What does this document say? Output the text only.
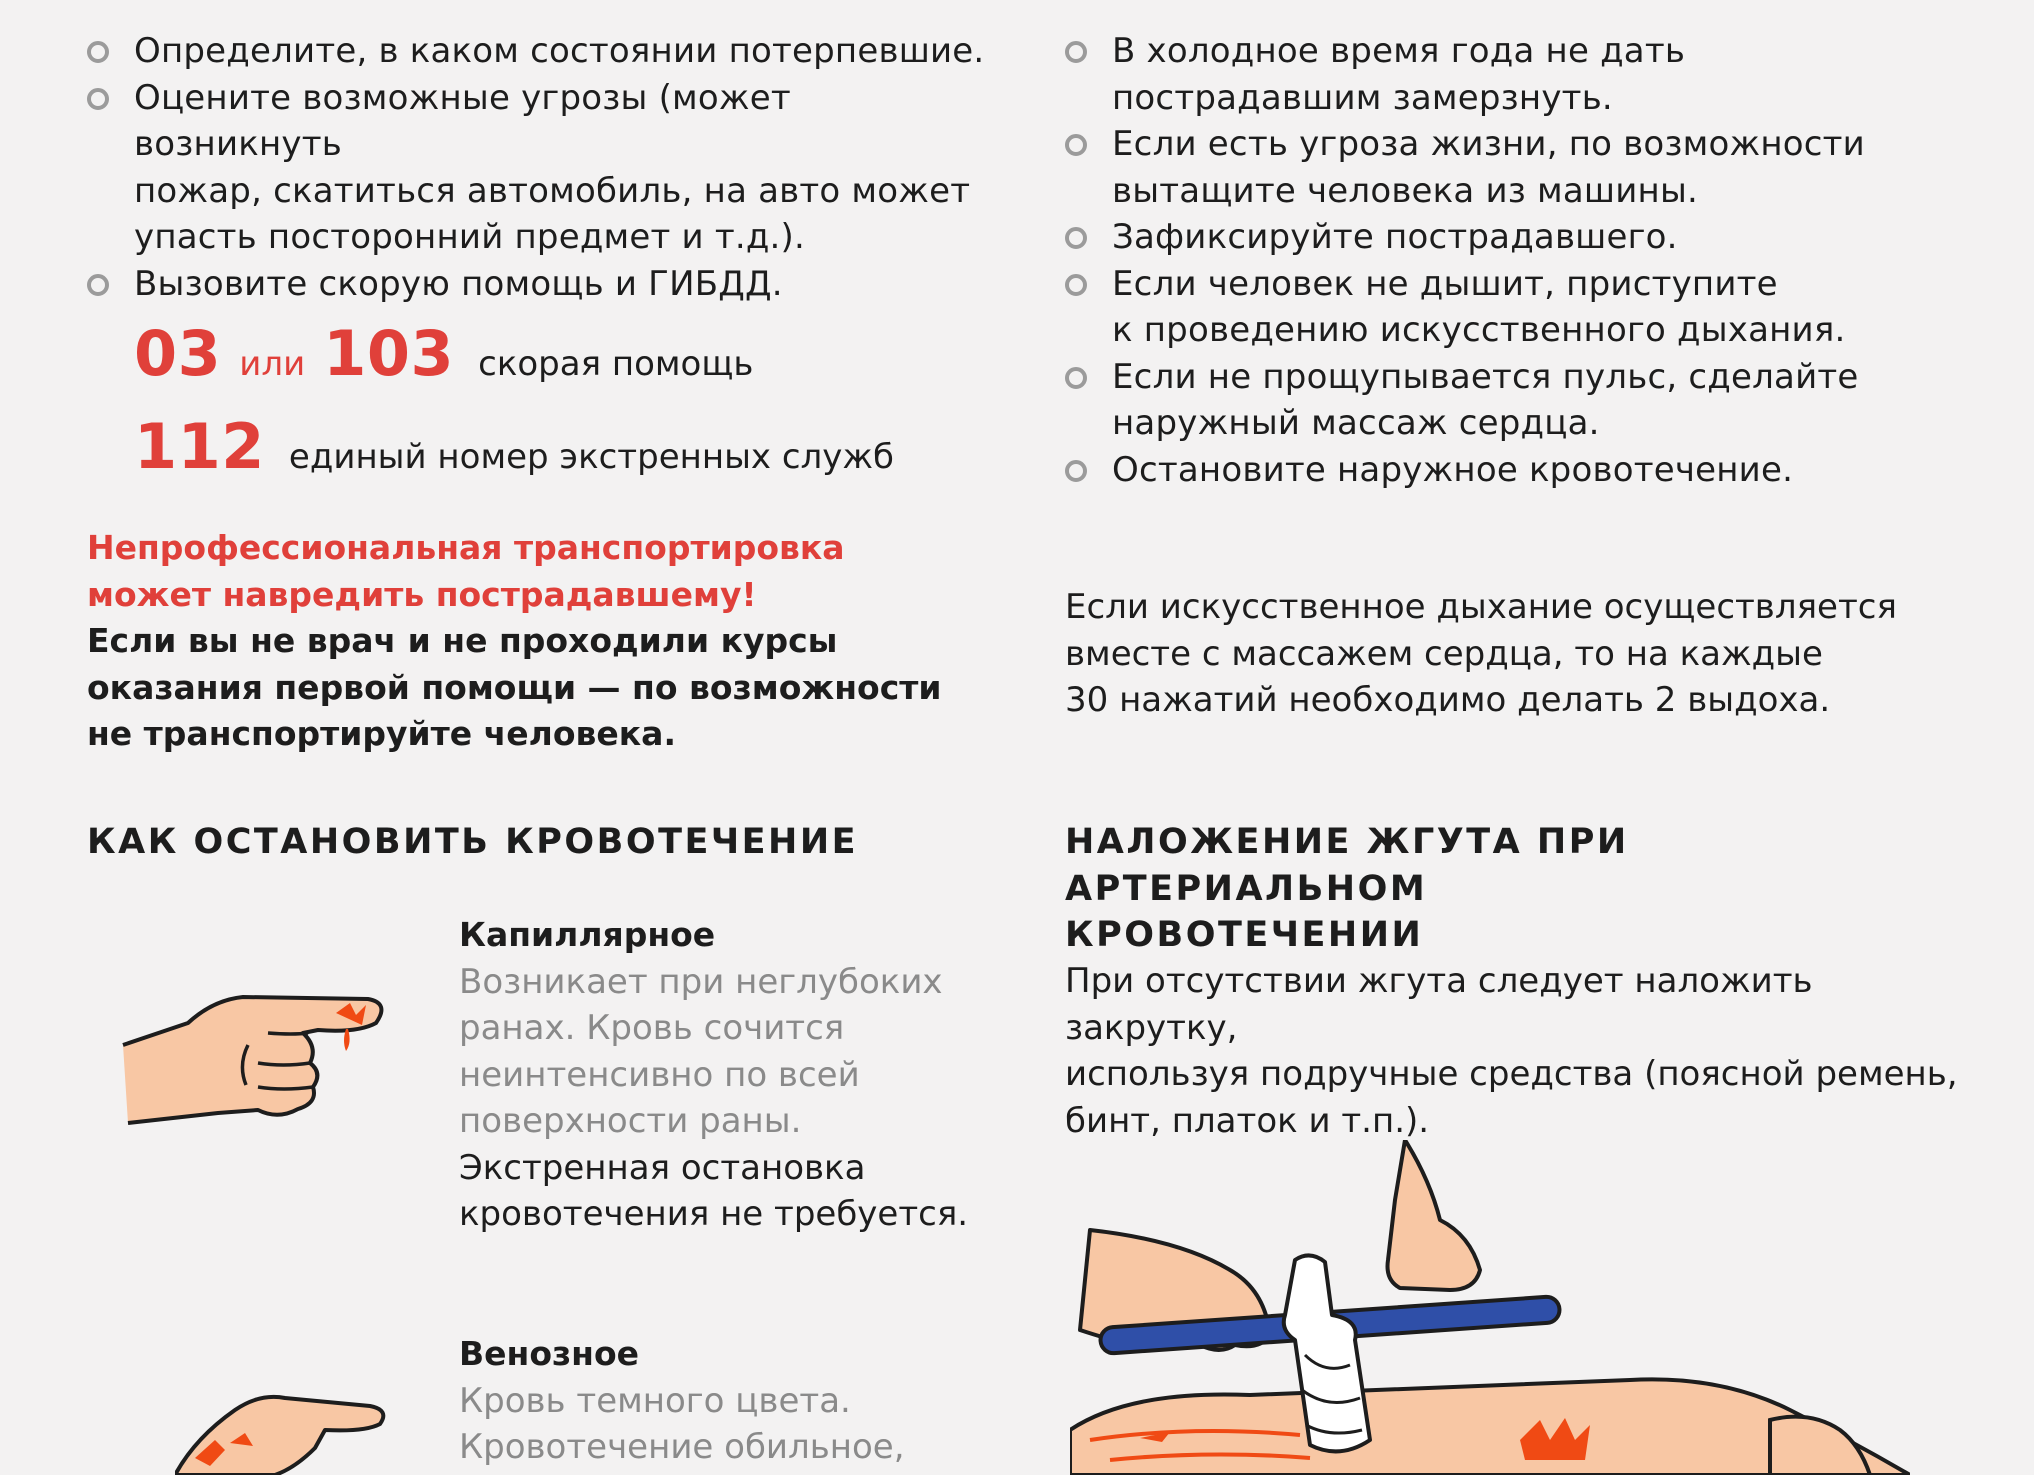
Определите, в каком состоянии потерпевшие.
Оцените возможные угрозы (может возникнуть
пожар, скатиться автомобиль, на авто может
упасть посторонний предмет и т.д.).
Вызовите скорую помощь и ГИБДД.
03 или 103 скорая помощь
112 единый номер экстренных служб
Непрофессиональная транспортировка
может навредить пострадавшему!
Если вы не врач и не проходили курсы
оказания первой помощи — по возможности
не транспортируйте человека.
В холодное время года не дать
пострадавшим замерзнуть.
Если есть угроза жизни, по возможности
вытащите человека из машины.
Зафиксируйте пострадавшего.
Если человек не дышит, приступите
к проведению искусственного дыхания.
Если не прощупывается пульс, сделайте
наружный массаж сердца.
Остановите наружное кровотечение.
Если искусственное дыхание осуществляется
вместе с массажем сердца, то на каждые
30 нажатий необходимо делать 2 выдоха.
КАК ОСТАНОВИТЬ КРОВОТЕЧЕНИЕ	НАЛОЖЕНИЕ ЖГУТА ПРИ АРТЕРИАЛЬНОМ
КРОВОТЕЧЕНИИ
Капиллярное
Возникает при неглубоких
ранах. Кровь сочится
неинтенсивно по всей
поверхности раны.
Экстренная остановка
кровотечения не требуется.
Венозное
Кровь темного цвета.
Кровотечение обильное,
При отсутствии жгута следует наложить закрутку,
используя подручные средства (поясной ремень,
бинт, платок и т.п.).
